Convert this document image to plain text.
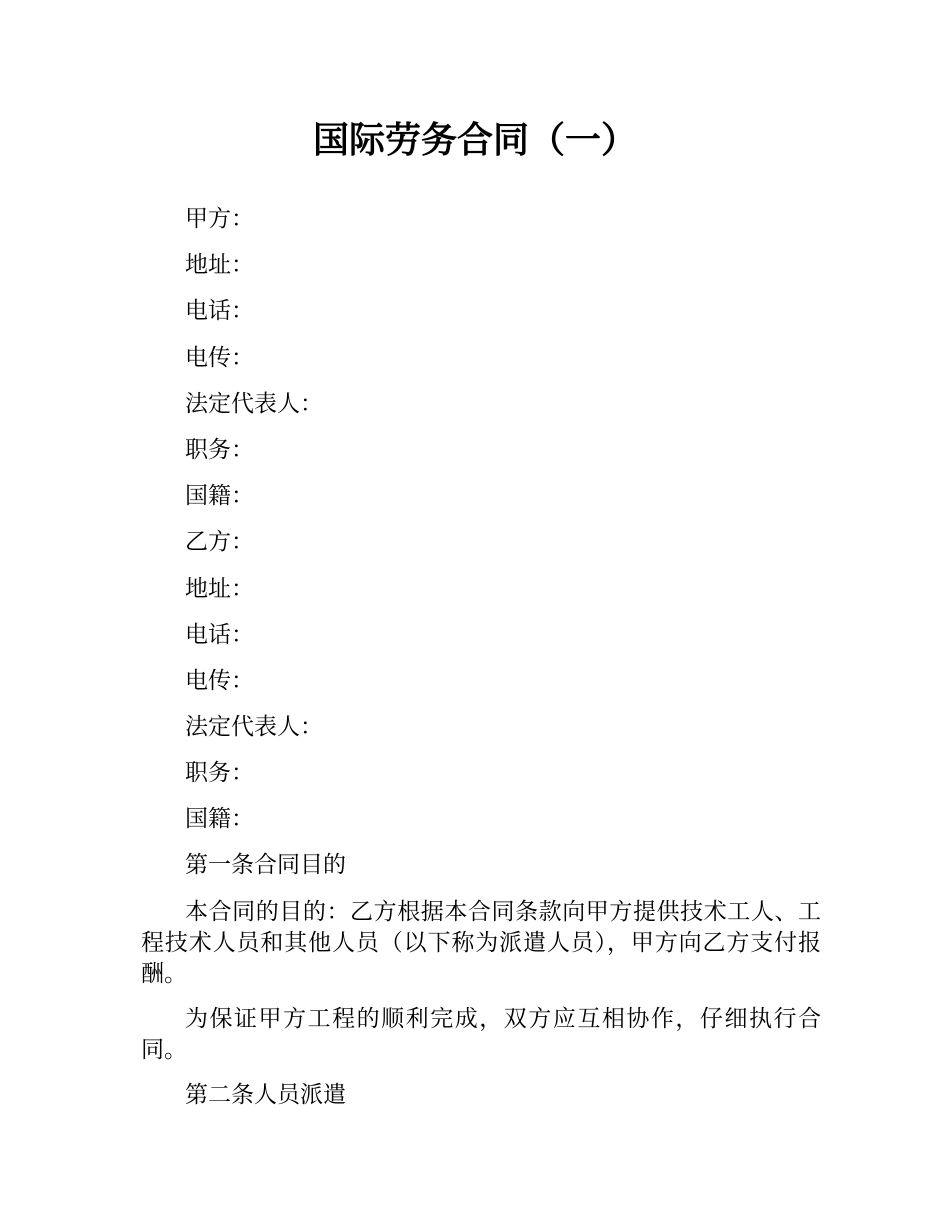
国际劳务合同（一）
甲方：
地址：
电话：
电传：
法定代表人：
职务：
国籍：
乙方：
地址：
电话：
电传：
法定代表人：
职务：
国籍：

第一条合同目的

本合同的目的：乙方根据本合同条款向甲方提供技术工人、工程技术人员和其他人员（以下称为派遣人员），甲方向乙方支付报酬。

为保证甲方工程的顺利完成，双方应互相协作，仔细执行合同。

第二条人员派遣
